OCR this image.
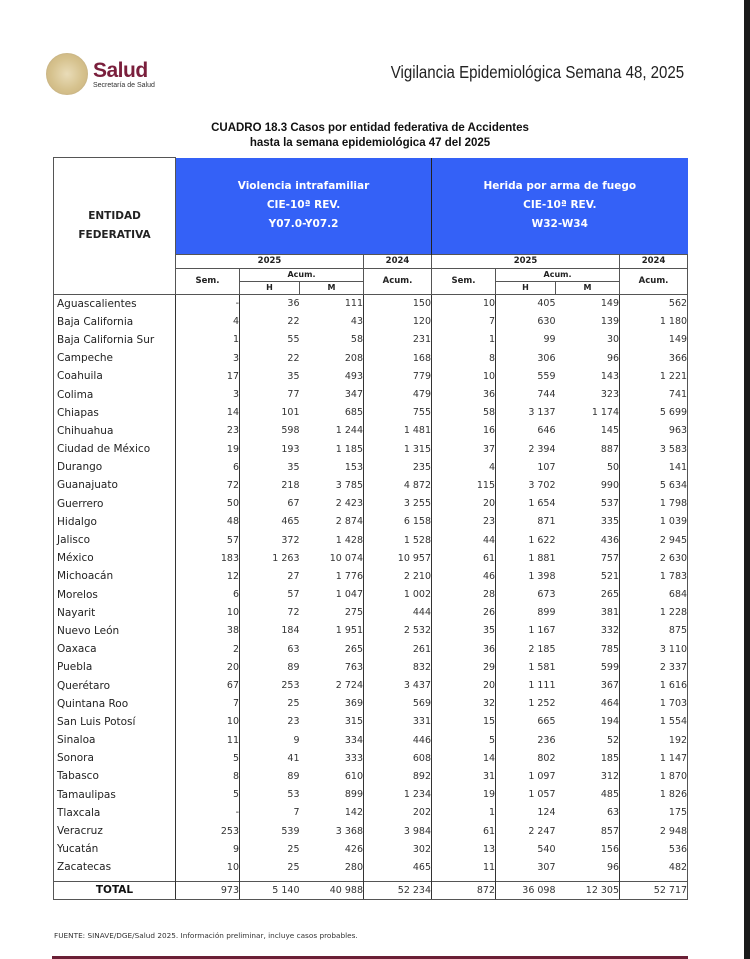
Salud
Secretaría de Salud
Vigilancia Epidemiológica Semana 48, 2025
CUADRO 18.3 Casos por entidad federativa de Accidentes
hasta la semana epidemiológica 47 del 2025
ENTIDAD
FEDERATIVA

Violencia intrafamiliar
CIE-10ª REV.
Y07.0-Y07.2

Herida por arma de fuego
CIE-10ª REV.
W32-W34

	2025			2024	2025			2024
	Sem.	Acum.		Acum.	Sem.	Acum.		Acum.
		H	M			H	M	
Aguascalientes	-	36	111	150	10	405	149	562
Baja California	4	22	43	120	7	630	139	1 180
Baja California Sur	1	55	58	231	1	99	30	149
Campeche	3	22	208	168	8	306	96	366
Coahuila	17	35	493	779	10	559	143	1 221
Colima	3	77	347	479	36	744	323	741
Chiapas	14	101	685	755	58	3 137	1 174	5 699
Chihuahua	23	598	1 244	1 481	16	646	145	963
Ciudad de México	19	193	1 185	1 315	37	2 394	887	3 583
Durango	6	35	153	235	4	107	50	141
Guanajuato	72	218	3 785	4 872	115	3 702	990	5 634
Guerrero	50	67	2 423	3 255	20	1 654	537	1 798
Hidalgo	48	465	2 874	6 158	23	871	335	1 039
Jalisco	57	372	1 428	1 528	44	1 622	436	2 945
México	183	1 263	10 074	10 957	61	1 881	757	2 630
Michoacán	12	27	1 776	2 210	46	1 398	521	1 783
Morelos	6	57	1 047	1 002	28	673	265	684
Nayarit	10	72	275	444	26	899	381	1 228
Nuevo León	38	184	1 951	2 532	35	1 167	332	875
Oaxaca	2	63	265	261	36	2 185	785	3 110
Puebla	20	89	763	832	29	1 581	599	2 337
Querétaro	67	253	2 724	3 437	20	1 111	367	1 616
Quintana Roo	7	25	369	569	32	1 252	464	1 703
San Luis Potosí	10	23	315	331	15	665	194	1 554
Sinaloa	11	9	334	446	5	236	52	192
Sonora	5	41	333	608	14	802	185	1 147
Tabasco	8	89	610	892	31	1 097	312	1 870
Tamaulipas	5	53	899	1 234	19	1 057	485	1 826
Tlaxcala	-	7	142	202	1	124	63	175
Veracruz	253	539	3 368	3 984	61	2 247	857	2 948
Yucatán	9	25	426	302	13	540	156	536
Zacatecas	10	25	280	465	11	307	96	482

TOTAL	973	5 140	40 988	52 234	872	36 098	12 305	52 717
FUENTE: SINAVE/DGE/Salud 2025. Información preliminar, incluye casos probables.
